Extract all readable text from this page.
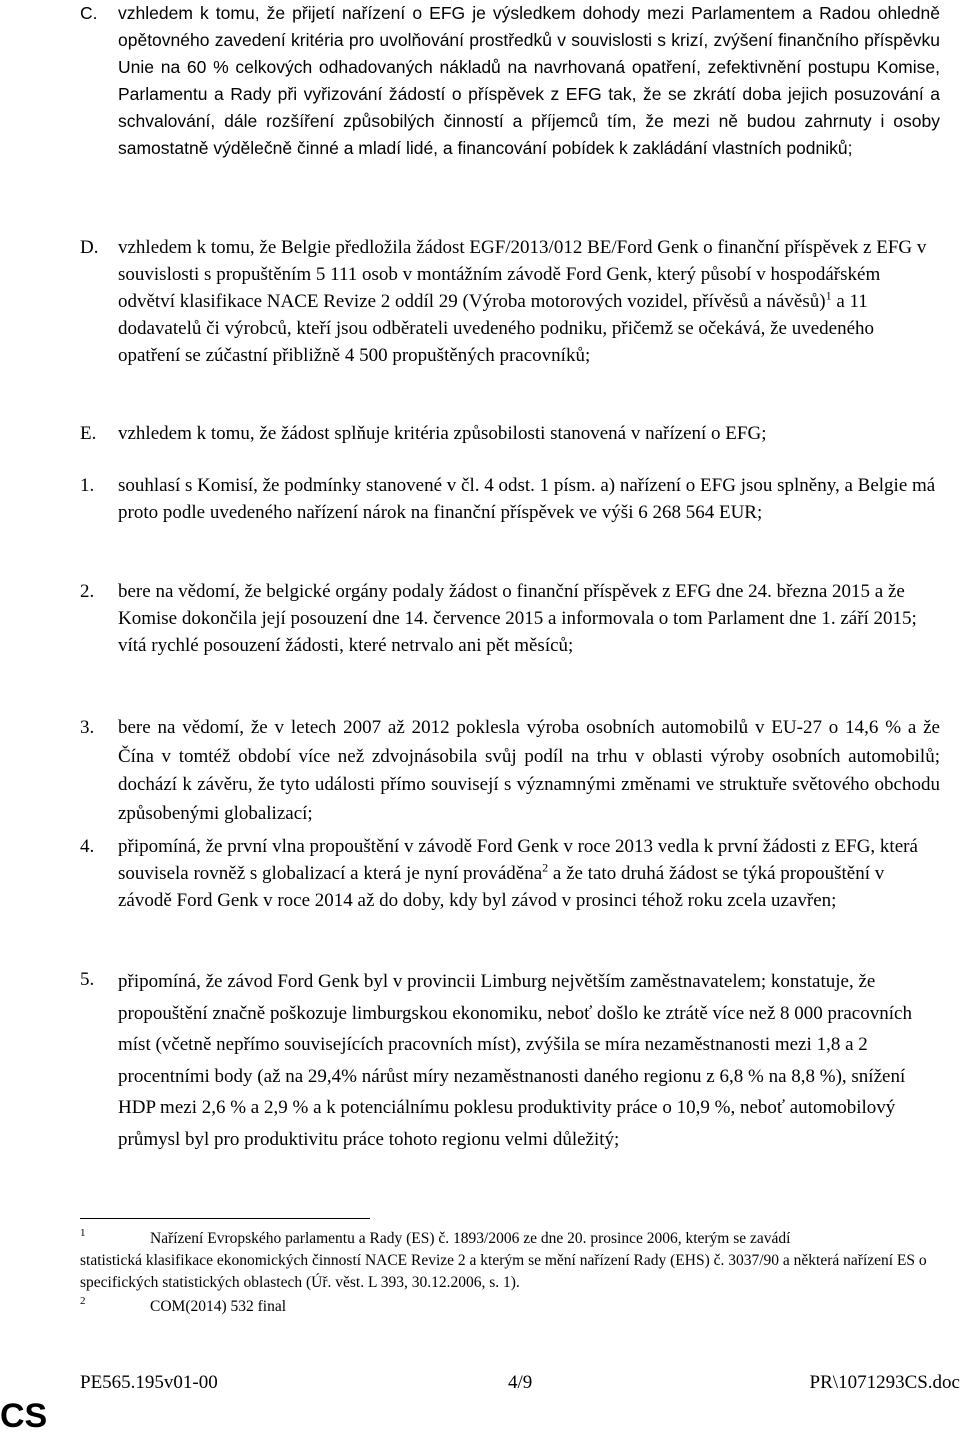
C. vzhledem k tomu, že přijetí nařízení o EFG je výsledkem dohody mezi Parlamentem a Radou ohledně opětovného zavedení kritéria pro uvolňování prostředků v souvislosti s krizí, zvýšení finančního příspěvku Unie na 60 % celkových odhadovaných nákladů na navrhovaná opatření, zefektivnění postupu Komise, Parlamentu a Rady při vyřizování žádostí o příspěvek z EFG tak, že se zkrátí doba jejich posuzování a schvalování, dále rozšíření způsobilých činností a příjemců tím, že mezi ně budou zahrnuty i osoby samostatně výdělečně činné a mladí lidé, a financování pobídek k zakládání vlastních podniků;
D. vzhledem k tomu, že Belgie předložila žádost EGF/2013/012 BE/Ford Genk o finanční příspěvek z EFG v souvislosti s propuštěním 5 111 osob v montážním závodě Ford Genk, který působí v hospodářském odvětví klasifikace NACE Revize 2 oddíl 29 (Výroba motorových vozidel, přívěsů a návěsů)$^1$ a 11 dodavatelů či výrobců, kteří jsou odběrateli uvedeného podniku, přičemž se očekává, že uvedeného opatření se zúčastní přibližně 4 500 propuštěných pracovníků;
E. vzhledem k tomu, že žádost splňuje kritéria způsobilosti stanovená v nařízení o EFG;
1. souhlasí s Komisí, že podmínky stanovené v čl. 4 odst. 1 písm. a) nařízení o EFG jsou splněny, a Belgie má proto podle uvedeného nařízení nárok na finanční příspěvek ve výši 6 268 564 EUR;
2. bere na vědomí, že belgické orgány podaly žádost o finanční příspěvek z EFG dne 24. března 2015 a že Komise dokončila její posouzení dne 14. července 2015 a informovala o tom Parlament dne 1. září 2015; vítá rychlé posouzení žádosti, které netrvalo ani pět měsíců;
3. bere na vědomí, že v letech 2007 až 2012 poklesla výroba osobních automobilů v EU-27 o 14,6 % a že Čína v tomtéž období více než zdvojnásobila svůj podíl na trhu v oblasti výroby osobních automobilů; dochází k závěru, že tyto události přímo souvisejí s významnými změnami ve struktuře světového obchodu způsobenými globalizací;
4. připomíná, že první vlna propouštění v závodě Ford Genk v roce 2013 vedla k první žádosti z EFG, která souvisela rovněž s globalizací a která je nyní prováděna$^2$ a že tato druhá žádost se týká propouštění v závodě Ford Genk v roce 2014 až do doby, kdy byl závod v prosinci téhož roku zcela uzavřen;
5. připomíná, že závod Ford Genk byl v provincii Limburg největším zaměstnavatelem; konstatuje, že propouštění značně poškozuje limburgskou ekonomiku, neboť došlo ke ztrátě více než 8 000 pracovních míst (včetně nepřímo souvisejících pracovních míst), zvýšila se míra nezaměstnanosti mezi 1,8 a 2 procentními body (až na 29,4% nárůst míry nezaměstnanosti daného regionu z 6,8 % na 8,8 %), snížení HDP mezi 2,6 % a 2,9 % a k potenciálnímu poklesu produktivity práce o 10,9 %, neboť automobilový průmysl byl pro produktivitu práce tohoto regionu velmi důležitý;
1	Nařízení Evropského parlamentu a Rady (ES) č. 1893/2006 ze dne 20. prosince 2006, kterým se zavádí
statistická klasifikace ekonomických činností NACE Revize 2 a kterým se mění nařízení Rady (EHS) č. 3037/90 a některá nařízení ES o specifických statistických oblastech (Úř. věst. L 393, 30.12.2006, s. 1).
2	COM(2014) 532 final
PE565.195v01-00	4/9	PR\1071293CS.doc
CS
